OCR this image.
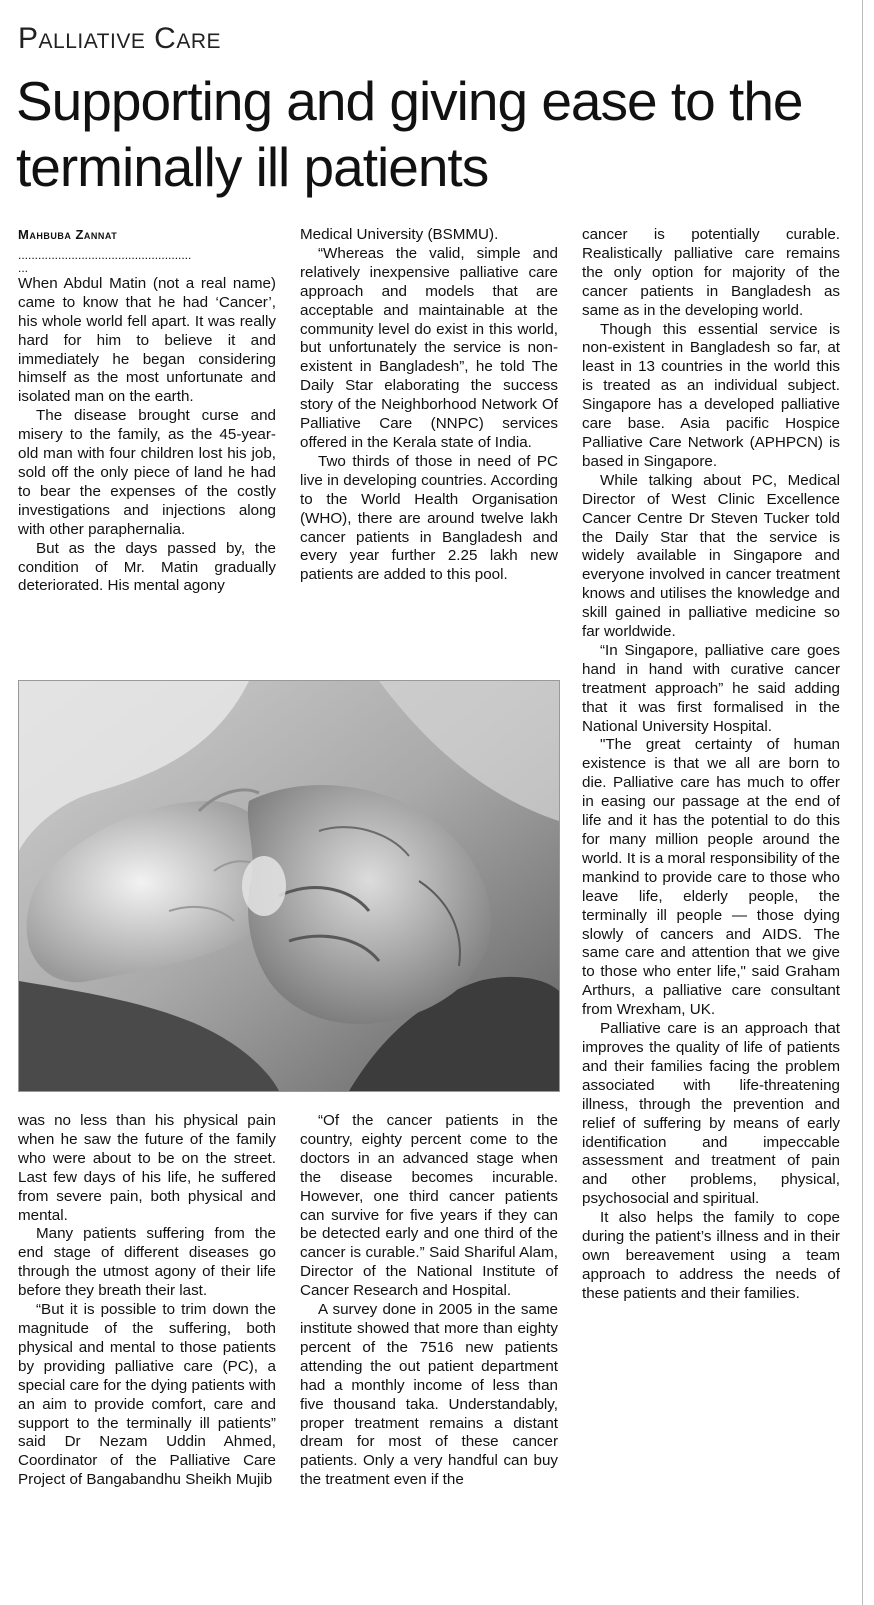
Palliative Care
Supporting and giving ease to the terminally ill patients
Mahbuba Zannat

....................................................

...

When Abdul Matin (not a real name) came to know that he had ‘Cancer’, his whole world fell apart. It was really hard for him to believe it and immediately he began considering himself as the most unfortunate and isolated man on the earth.

The disease brought curse and misery to the family, as the 45-year-old man with four children lost his job, sold off the only piece of land he had to bear the expenses of the costly investigations and injections along with other paraphernalia.

But as the days passed by, the condition of Mr. Matin gradually deteriorated. His mental agony

Medical University (BSMMU).

“Whereas the valid, simple and relatively inexpensive palliative care approach and models that are acceptable and maintainable at the community level do exist in this world, but unfortunately the service is non-existent in Bangladesh”, he told The Daily Star elaborating the success story of the Neighborhood Network Of Palliative Care (NNPC) services offered in the Kerala state of India.

Two thirds of those in need of PC live in developing countries. According to the World Health Organisation (WHO), there are around twelve lakh cancer patients in Bangladesh and every year further 2.25 lakh new patients are added to this pool.

was no less than his physical pain when he saw the future of the family who were about to be on the street. Last few days of his life, he suffered from severe pain, both physical and mental.

Many patients suffering from the end stage of different diseases go through the utmost agony of their life before they breath their last.

“But it is possible to trim down the magnitude of the suffering, both physical and mental to those patients by providing palliative care (PC), a special care for the dying patients with an aim to provide comfort, care and support to the terminally ill patients” said Dr Nezam Uddin Ahmed, Coordinator of the Palliative Care Project of Bangabandhu Sheikh Mujib

“Of the cancer patients in the country, eighty percent come to the doctors in an advanced stage when the disease becomes incurable. However, one third cancer patients can survive for five years if they can be detected early and one third of the cancer is curable.” Said Shariful Alam, Director of the National Institute of Cancer Research and Hospital.

A survey done in 2005 in the same institute showed that more than eighty percent of the 7516 new patients attending the out patient department had a monthly income of less than five thousand taka. Understandably, proper treatment remains a distant dream for most of these cancer patients. Only a very handful can buy the treatment even if the

cancer is potentially curable. Realistically palliative care remains the only option for majority of the cancer patients in Bangladesh as same as in the developing world.

Though this essential service is non-existent in Bangladesh so far, at least in 13 countries in the world this is treated as an individual subject. Singapore has a developed palliative care base. Asia pacific Hospice Palliative Care Network (APHPCN) is based in Singapore.

While talking about PC, Medical Director of West Clinic Excellence Cancer Centre Dr Steven Tucker told the Daily Star that the service is widely available in Singapore and everyone involved in cancer treatment knows and utilises the knowledge and skill gained in palliative medicine so far worldwide.

“In Singapore, palliative care goes hand in hand with curative cancer treatment approach” he said adding that it was first formalised in the National University Hospital.

"The great certainty of human existence is that we all are born to die. Palliative care has much to offer in easing our passage at the end of life and it has the potential to do this for many million people around the world. It is a moral responsibility of the mankind to provide care to those who leave life, elderly people, the terminally ill people — those dying slowly of cancers and AIDS. The same care and attention that we give to those who enter life," said Graham Arthurs, a palliative care consultant from Wrexham, UK.

Palliative care is an approach that improves the quality of life of patients and their families facing the problem associated with life-threatening illness, through the prevention and relief of suffering by means of early identification and impeccable assessment and treatment of pain and other problems, physical, psychosocial and spiritual.

It also helps the family to cope during the patient’s illness and in their own bereavement using a team approach to address the needs of these patients and their families.
